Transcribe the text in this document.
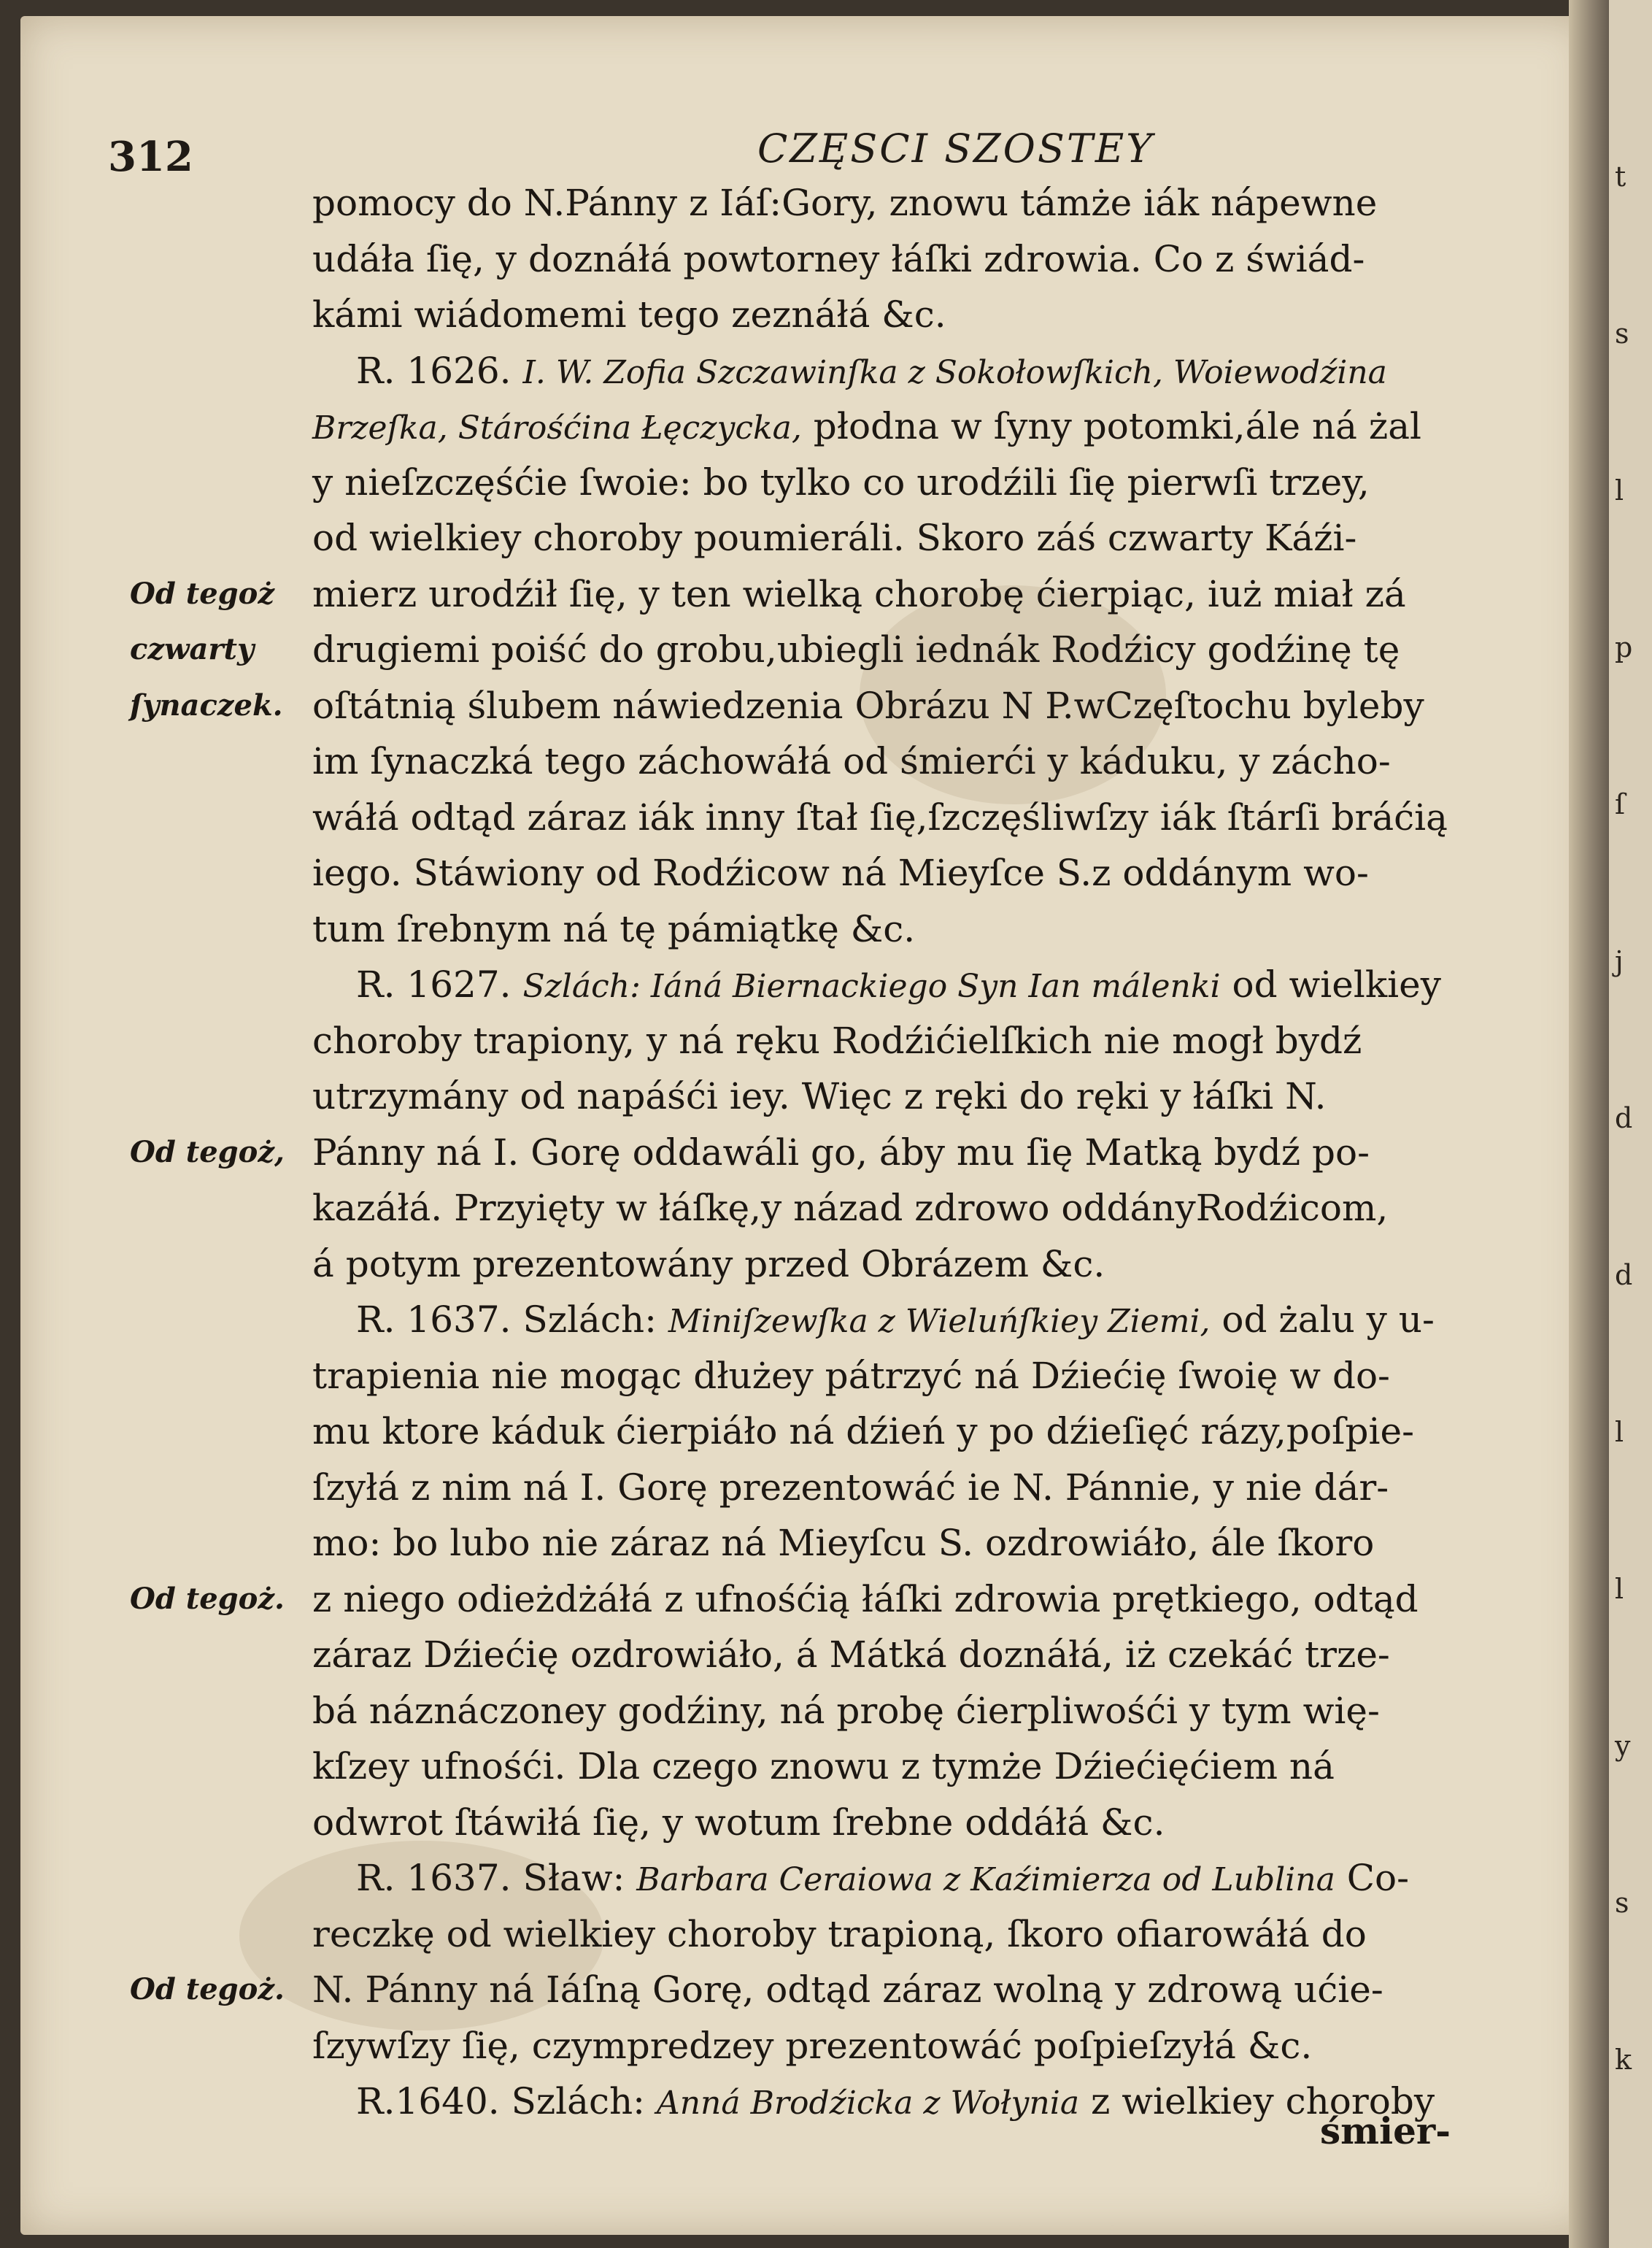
312	CZĘSCI SZOSTEY
pomocy do N.Pánny z Iáſ:Gory, znowu támże iák nápewne
udáła ſię, y doznáłá powtorney łáſki zdrowia. Co z świád-
kámi wiádomemi tego zeznáłá &c.
R. 1626. I. W. Zofia Szczawinſka z Sokołowſkich, Woiewodźina
Brzeſka, Stárośćina Łęczycka, płodna w ſyny potomki,ále ná żal
y nieſzczęśćie ſwoie: bo tylko co urodźili ſię pierwſi trzey,
od wielkiey choroby poumieráli. Skoro záś czwarty Káźi-
mierz urodźił ſię, y ten wielką chorobę ćierpiąc, iuż miał zá
drugiemi poiść do grobu,ubiegli iednák Rodźicy godźinę tę
oſtátnią ślubem náwiedzenia Obrázu N P.wCzęſtochu byleby
im ſynaczká tego záchowáłá od śmierći y káduku, y zácho-
wáłá odtąd záraz iák inny ſtał ſię,ſzczęśliwſzy iák ſtárſi bráćią
iego. Stáwiony od Rodźicow ná Mieyſce S.z oddánym wo-
tum ſrebnym ná tę pámiątkę &c.
R. 1627. Szlách: Iáná Biernackiego Syn Ian málenki od wielkiey
choroby trapiony, y ná ręku Rodźićielſkich nie mogł bydź
utrzymány od napáśći iey. Więc z ręki do ręki y łáſki N.
Pánny ná I. Gorę oddawáli go, áby mu ſię Matką bydź po-
kazáłá. Przyięty w łáſkę,y názad zdrowo oddányRodźicom,
á potym prezentowány przed Obrázem &c.
R. 1637. Szlách: Miniſzewſka z Wieluńſkiey Ziemi, od żalu y u-
trapienia nie mogąc dłużey pátrzyć ná Dźiećię ſwoię w do-
mu ktore káduk ćierpiáło ná dźień y po dźieſięć rázy,poſpie-
ſzyłá z nim ná I. Gorę prezentowáć ie N. Pánnie, y nie dár-
mo: bo lubo nie záraz ná Mieyſcu S. ozdrowiáło, ále ſkoro
z niego odieżdżáłá z ufnośćią łáſki zdrowia prętkiego, odtąd
záraz Dźiećię ozdrowiáło, á Mátká doznáłá, iż czekáć trze-
bá náznáczoney godźiny, ná probę ćierpliwośći y tym wię-
kſzey ufnośći. Dla czego znowu z tymże Dźiećięćiem ná
odwrot ſtáwiłá ſię, y wotum ſrebne oddáłá &c.
R. 1637. Sław: Barbara Ceraiowa z Kaźimierza od Lublina Co-
reczkę od wielkiey choroby trapioną, ſkoro ofiarowáłá do
N. Pánny ná Iáſną Gorę, odtąd záraz wolną y zdrową ućie-
ſzywſzy ſię, czympredzey prezentowáć poſpieſzyłá &c.
R.1640. Szlách: Anná Brodźicka z Wołynia z wielkiey choroby
Od tegoż
czwarty
ſynaczek.
Od tegoż,
Od tegoż.
Od tegoż.
śmier-
t
s
l
p
ſ
j
d
d
l
l
y
s
k
